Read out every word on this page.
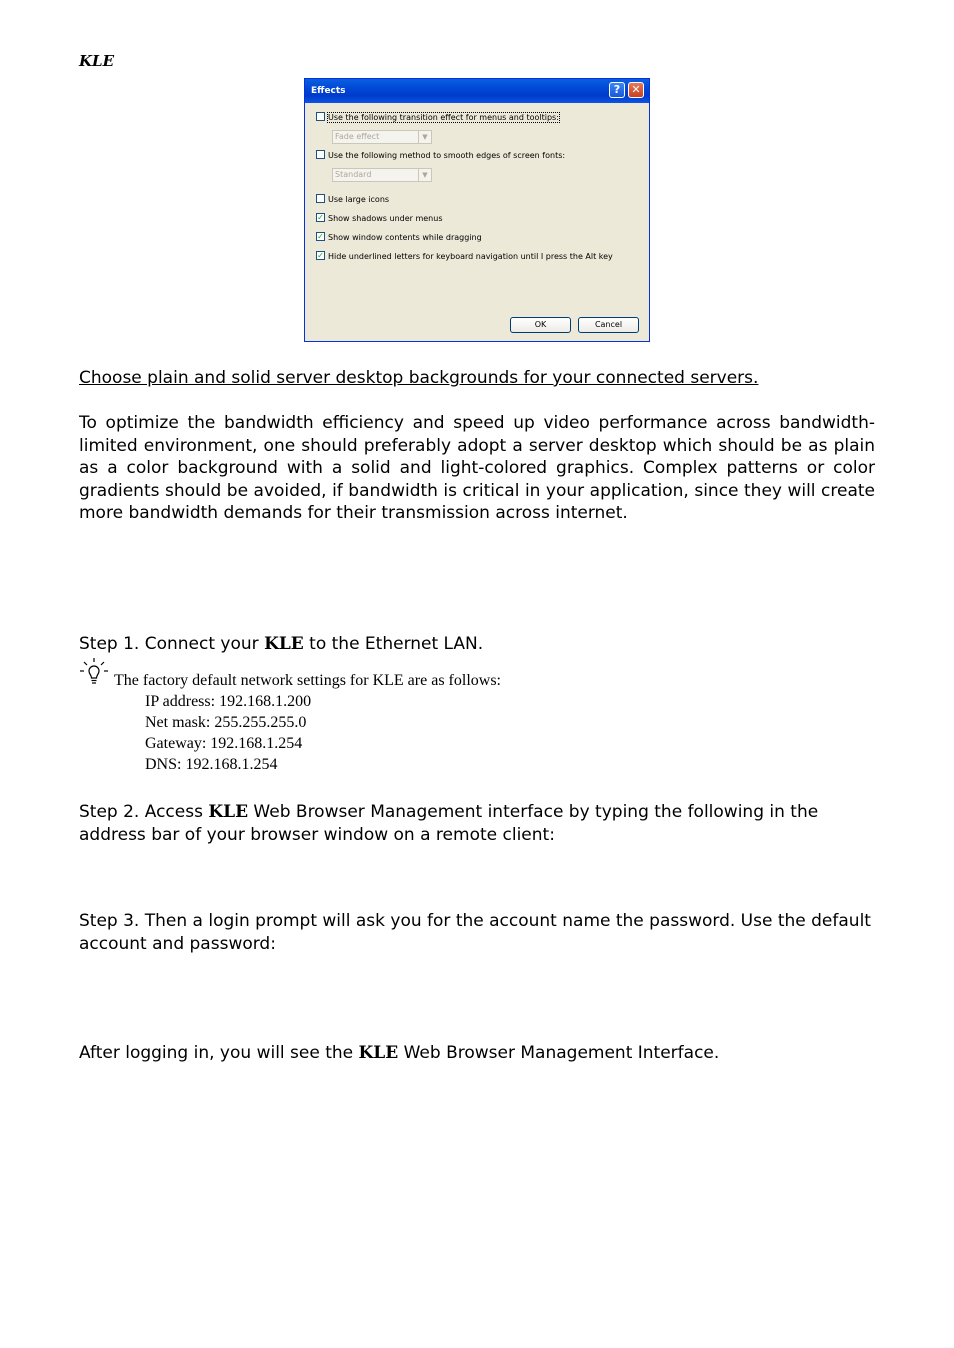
KLE
Effects	?	✕
Use the following transition effect for menus and tooltips:
Fade effect	▼
Use the following method to smooth edges of screen fonts:
Standard	▼
Use large icons
✓ Show shadows under menus
✓ Show window contents while dragging
✓ Hide underlined letters for keyboard navigation until I press the Alt key
OK	Cancel
Choose plain and solid server desktop backgrounds for your connected servers.
To optimize the bandwidth efficiency and speed up video performance across bandwidth-limited environment, one should preferably adopt a server desktop which should be as plain as a color background with a solid and light-colored graphics. Complex patterns or color gradients should be avoided, if bandwidth is critical in your application, since they will create more bandwidth demands for their transmission across internet.
Step 1. Connect your KLE to the Ethernet LAN.
The factory default network settings for KLE are as follows:
IP address: 192.168.1.200
Net mask: 255.255.255.0
Gateway: 192.168.1.254
DNS: 192.168.1.254
Step 2. Access KLE Web Browser Management interface by typing the following in the address bar of your browser window on a remote client:
Step 3. Then a login prompt will ask you for the account name the password. Use the default account and password:
After logging in, you will see the KLE Web Browser Management Interface.
